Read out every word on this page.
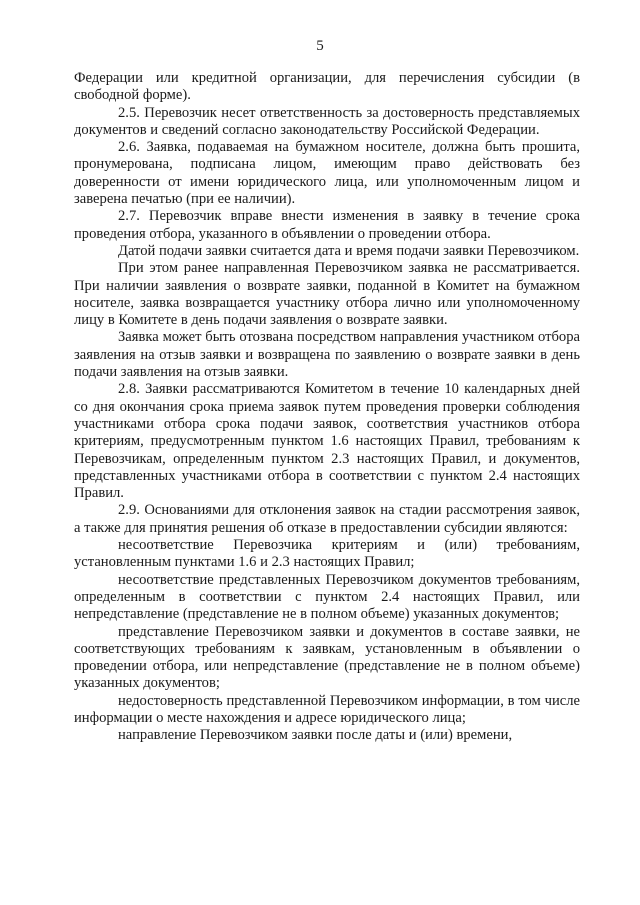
5

Федерации или кредитной организации, для перечисления субсидии (в свободной форме).

2.5. Перевозчик несет ответственность за достоверность представляемых документов и сведений согласно законодательству Российской Федерации.

2.6. Заявка, подаваемая на бумажном носителе, должна быть прошита, пронумерована, подписана лицом, имеющим право действовать без доверенности от имени юридического лица, или уполномоченным лицом и заверена печатью (при ее наличии).

2.7. Перевозчик вправе внести изменения в заявку в течение срока проведения отбора, указанного в объявлении о проведении отбора.

Датой подачи заявки считается дата и время подачи заявки Перевозчиком.

При этом ранее направленная Перевозчиком заявка не рассматривается. При наличии заявления о возврате заявки, поданной в Комитет на бумажном носителе, заявка возвращается участнику отбора лично или уполномоченному лицу в Комитете в день подачи заявления о возврате заявки.

Заявка может быть отозвана посредством направления участником отбора заявления на отзыв заявки и возвращена по заявлению о возврате заявки в день подачи заявления на отзыв заявки.

2.8. Заявки рассматриваются Комитетом в течение 10 календарных дней со дня окончания срока приема заявок путем проведения проверки соблюдения участниками отбора срока подачи заявок, соответствия участников отбора критериям, предусмотренным пунктом 1.6 настоящих Правил, требованиям к Перевозчикам, определенным пунктом 2.3 настоящих Правил, и документов, представленных участниками отбора в соответствии с пунктом 2.4 настоящих Правил.

2.9. Основаниями для отклонения заявок на стадии рассмотрения заявок, а также для принятия решения об отказе в предоставлении субсидии являются:

несоответствие Перевозчика критериям и (или) требованиям, установленным пунктами 1.6 и 2.3 настоящих Правил;

несоответствие представленных Перевозчиком документов требованиям, определенным в соответствии с пунктом 2.4 настоящих Правил, или непредставление (представление не в полном объеме) указанных документов;

представление Перевозчиком заявки и документов в составе заявки, не соответствующих требованиям к заявкам, установленным в объявлении о проведении отбора, или непредставление (представление не в полном объеме) указанных документов;

недостоверность представленной Перевозчиком информации, в том числе информации о месте нахождения и адресе юридического лица;

направление Перевозчиком заявки после даты и (или) времени,
